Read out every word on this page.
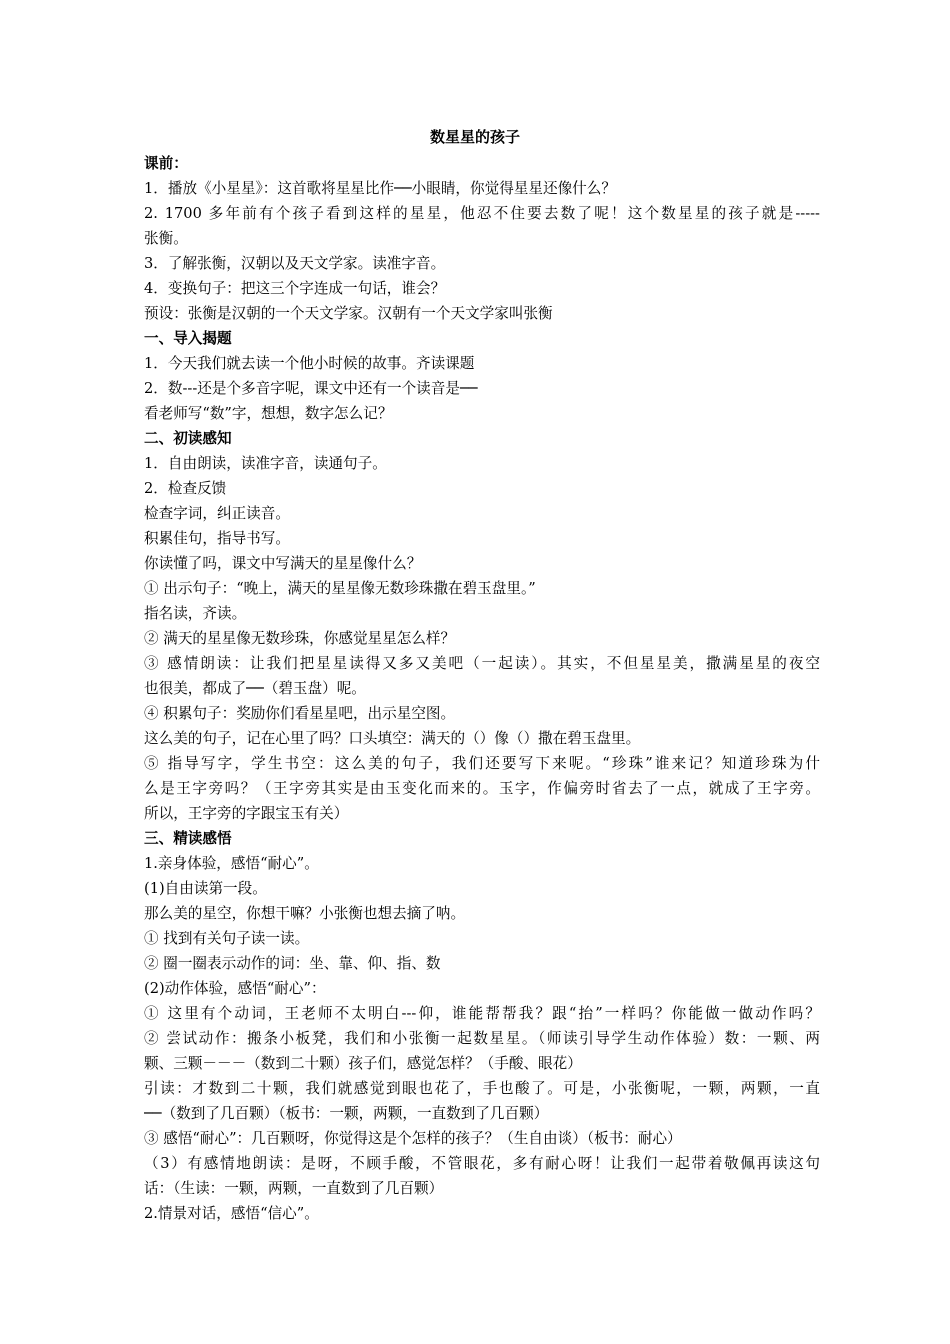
数星星的孩子
课前：
1．播放《小星星》：这首歌将星星比作──小眼睛，你觉得星星还像什么？
2. 1700 多年前有个孩子看到这样的星星，他忍不住要去数了呢！这个数星星的孩子就是-----
张衡。
3．了解张衡，汉朝以及天文学家。读准字音。
4．变换句子：把这三个字连成一句话，谁会？
预设：张衡是汉朝的一个天文学家。汉朝有一个天文学家叫张衡
一、导入揭题
1．今天我们就去读一个他小时候的故事。齐读课题
2．数---还是个多音字呢，课文中还有一个读音是──
看老师写“数”字，想想，数字怎么记？
二、初读感知
1．自由朗读，读准字音，读通句子。
2．检查反馈
检查字词，纠正读音。
积累佳句，指导书写。
你读懂了吗，课文中写满天的星星像什么？
① 出示句子：“晚上，满天的星星像无数珍珠撒在碧玉盘里。”
指名读，齐读。
② 满天的星星像无数珍珠，你感觉星星怎么样？
③ 感情朗读：让我们把星星读得又多又美吧（一起读）。其实，不但星星美，撒满星星的夜空
也很美，都成了──（碧玉盘）呢。
④ 积累句子：奖励你们看星星吧，出示星空图。
这么美的句子，记在心里了吗？口头填空：满天的（）像（）撒在碧玉盘里。
⑤ 指导写字，学生书空：这么美的句子，我们还要写下来呢。“珍珠”谁来记？知道珍珠为什
么是王字旁吗？（王字旁其实是由玉变化而来的。玉字，作偏旁时省去了一点，就成了王字旁。
所以，王字旁的字跟宝玉有关）
三、精读感悟
1.亲身体验，感悟“耐心”。
(1)自由读第一段。
那么美的星空，你想干嘛？小张衡也想去摘了呐。
① 找到有关句子读一读。
② 圈一圈表示动作的词：坐、靠、仰、指、数
(2)动作体验，感悟“耐心”：
① 这里有个动词，王老师不太明白---仰，谁能帮帮我？跟“抬”一样吗？你能做一做动作吗？
② 尝试动作：搬条小板凳，我们和小张衡一起数星星。（师读引导学生动作体验）数：一颗、两
颗、三颗－－－（数到二十颗）孩子们，感觉怎样？（手酸、眼花）
引读：才数到二十颗，我们就感觉到眼也花了，手也酸了。可是，小张衡呢，一颗，两颗，一直
──（数到了几百颗）（板书：一颗，两颗，一直数到了几百颗）
③ 感悟“耐心”：几百颗呀，你觉得这是个怎样的孩子？（生自由谈）（板书：耐心）
（3）有感情地朗读：是呀，不顾手酸，不管眼花，多有耐心呀！让我们一起带着敬佩再读这句
话：（生读：一颗，两颗，一直数到了几百颗）
2.情景对话，感悟“信心”。
